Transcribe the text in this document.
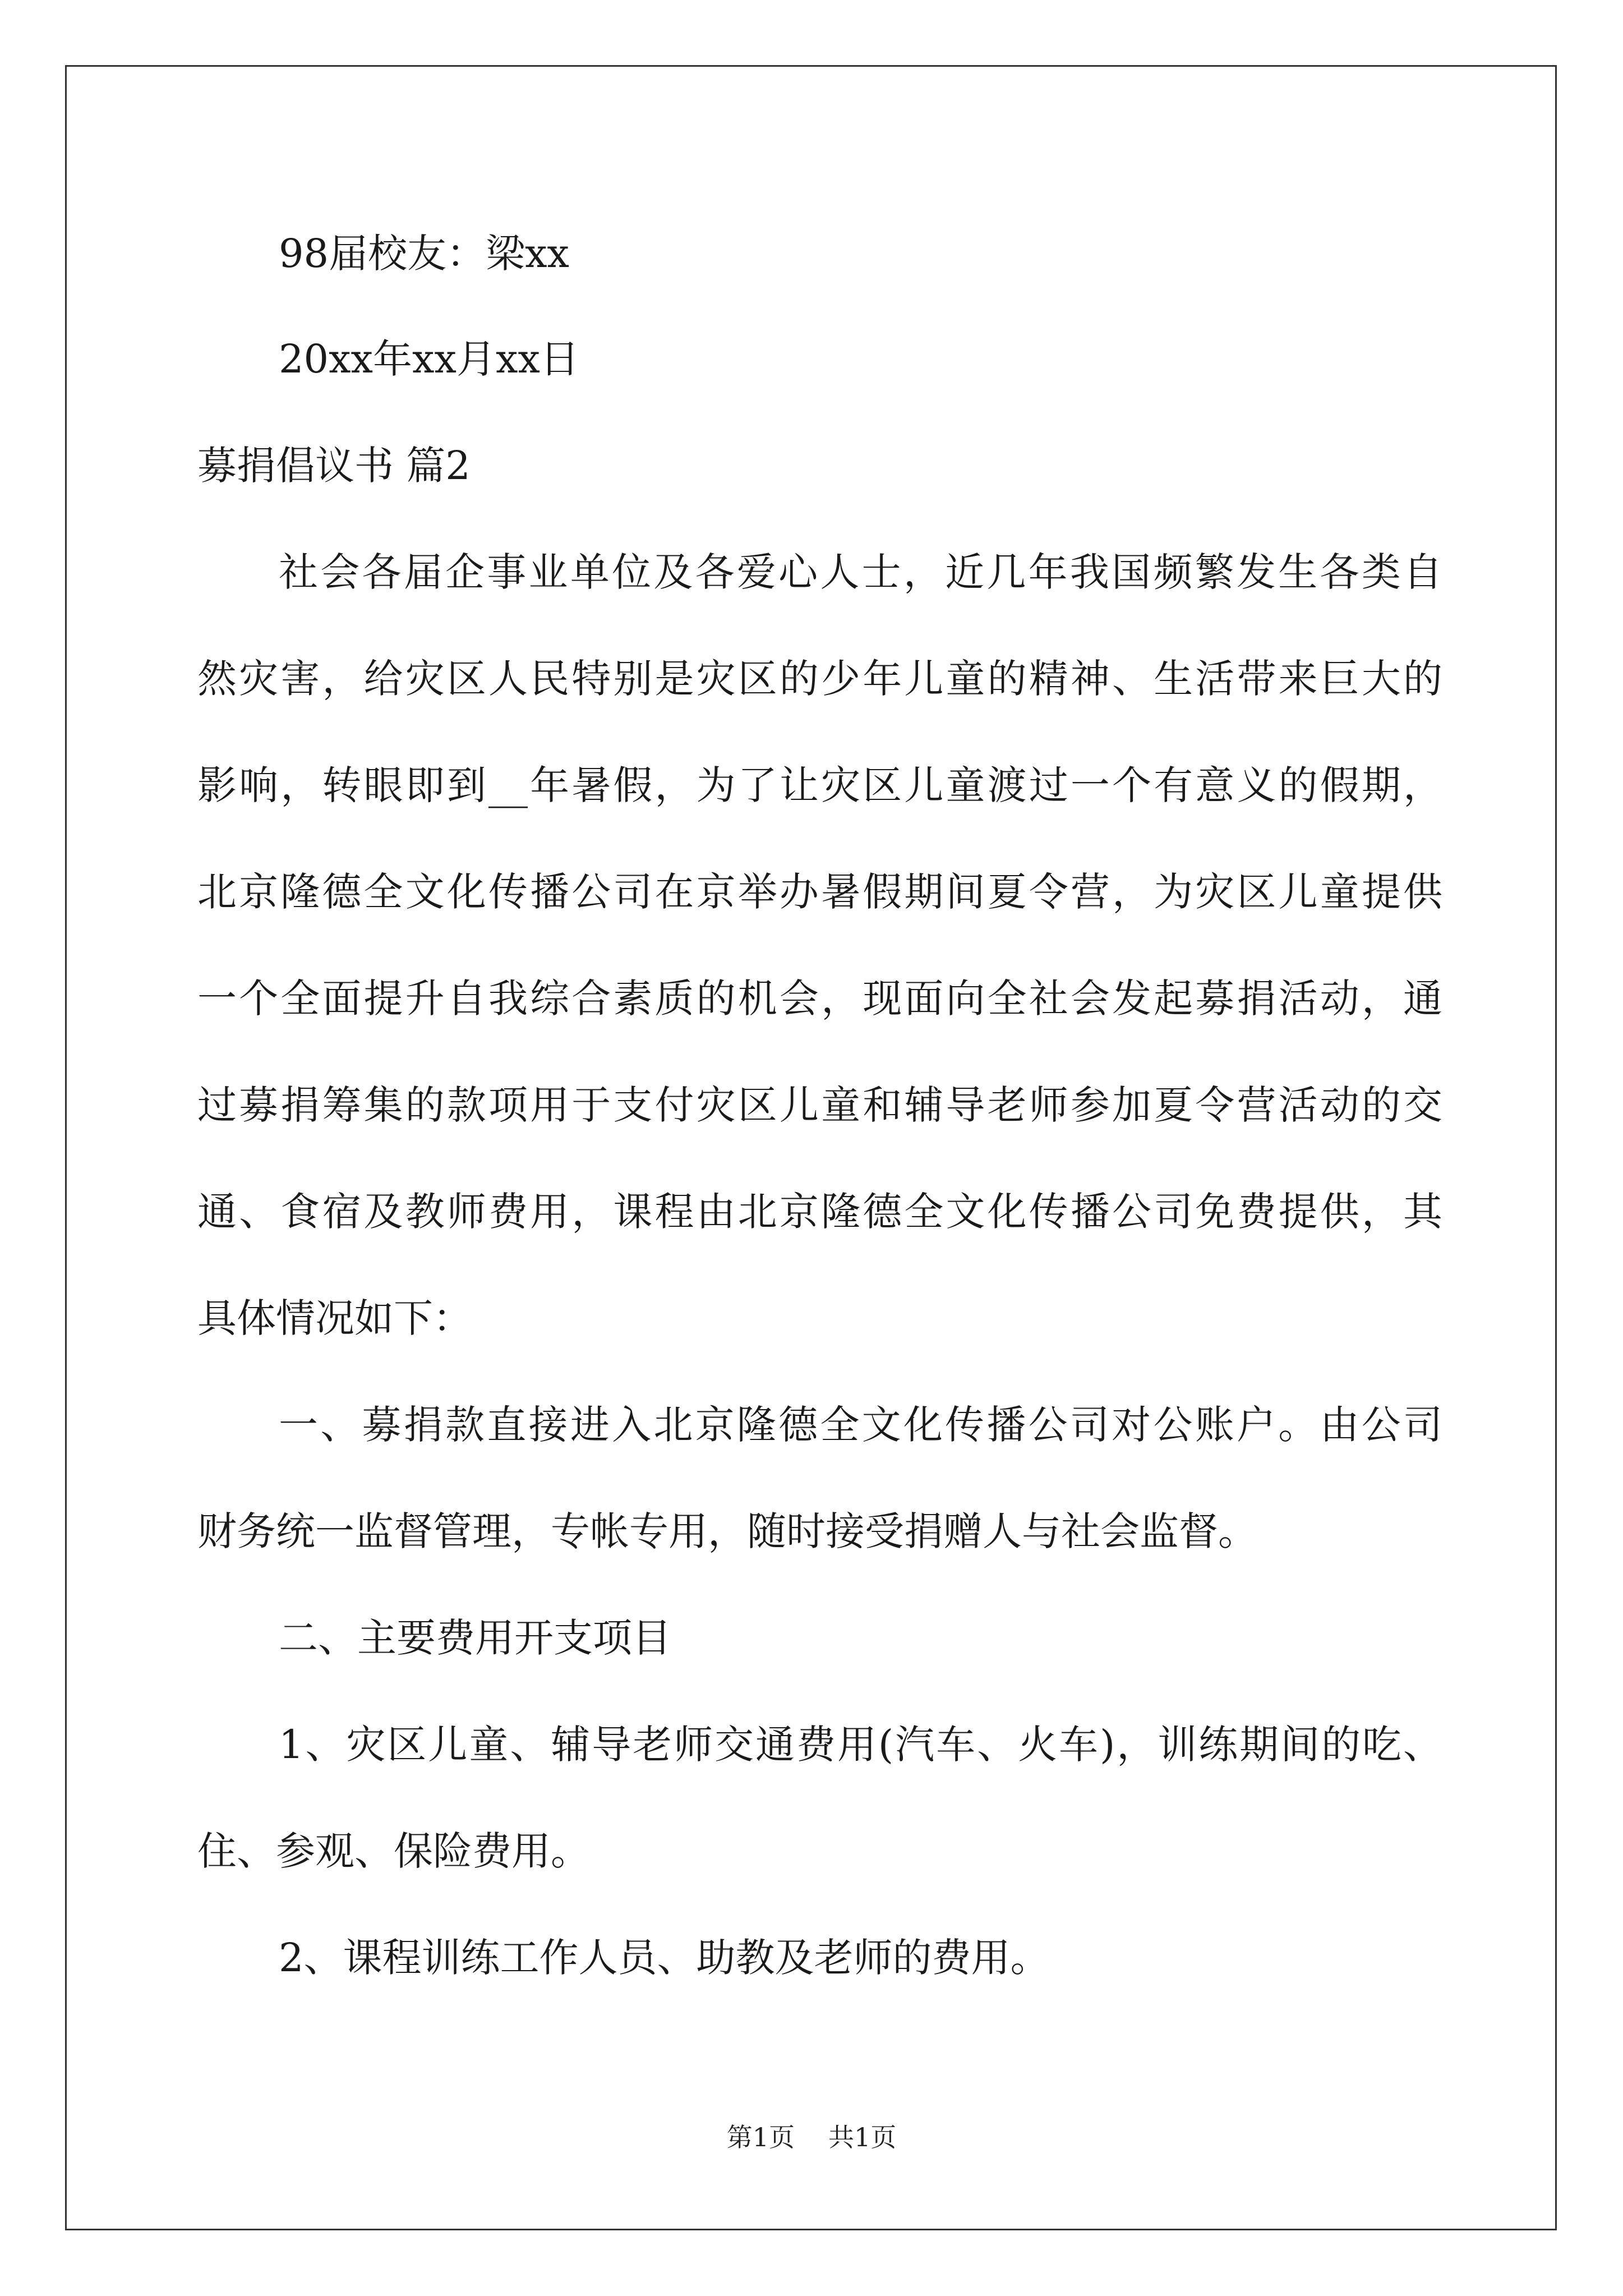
98届校友：梁xx
20xx年xx月xx日
募捐倡议书 篇2
社会各届企事业单位及各爱心人士，近几年我国频繁发生各类自
然灾害，给灾区人民特别是灾区的少年儿童的精神、生活带来巨大的
影响，转眼即到__年暑假，为了让灾区儿童渡过一个有意义的假期，
北京隆德全文化传播公司在京举办暑假期间夏令营，为灾区儿童提供
一个全面提升自我综合素质的机会，现面向全社会发起募捐活动，通
过募捐筹集的款项用于支付灾区儿童和辅导老师参加夏令营活动的交
通、食宿及教师费用，课程由北京隆德全文化传播公司免费提供，其
具体情况如下：
一、募捐款直接进入北京隆德全文化传播公司对公账户。由公司
财务统一监督管理，专帐专用，随时接受捐赠人与社会监督。
二、主要费用开支项目
1、灾区儿童、辅导老师交通费用(汽车、火车)，训练期间的吃、
住、参观、保险费用。
2、课程训练工作人员、助教及老师的费用。
第1页 共1页
